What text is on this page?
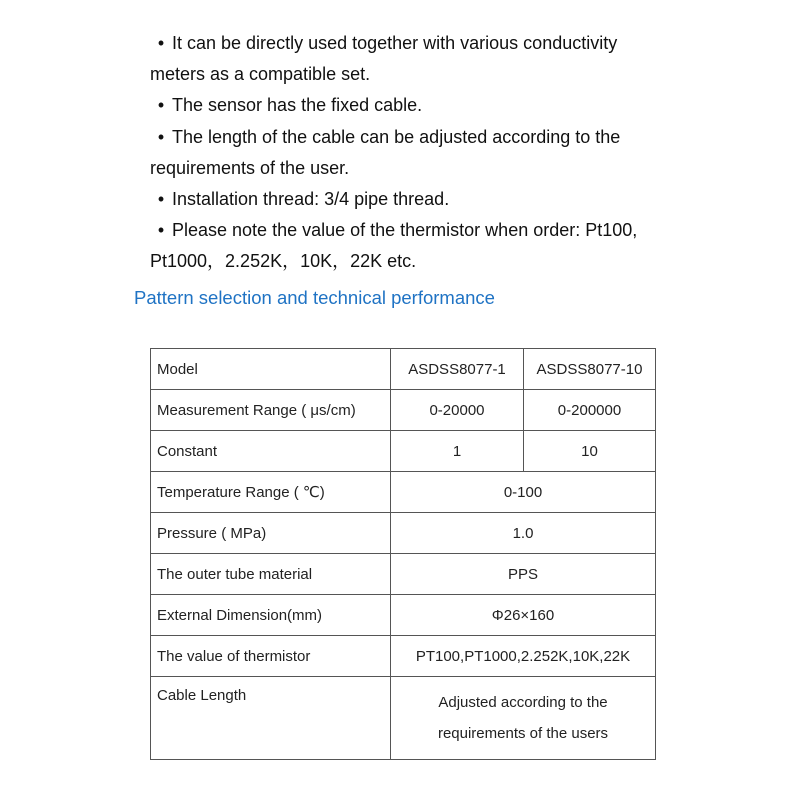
• It can be directly used together with various conductivity
meters as a compatible set.

• The sensor has the fixed cable.

• The length of the cable can be adjusted according to the
requirements of the user.

• Installation thread: 3/4 pipe thread.

• Please note the value of the thermistor when order: Pt100,
Pt1000，2.252K，10K，22K etc.

Pattern selection and technical performance
Model	ASDSS8077-1	ASDSS8077-10
Measurement Range ( μs/cm)	0-20000	0-200000
Constant	1	10
Temperature Range ( ℃)	0-100	
Pressure ( MPa)	1.0	
The outer tube material	PPS	
External Dimension(mm)	Φ26×160	
The value of thermistor	PT100,PT1000,2.252K,10K,22K	
Cable Length	Adjusted according to the
requirements of the users	
